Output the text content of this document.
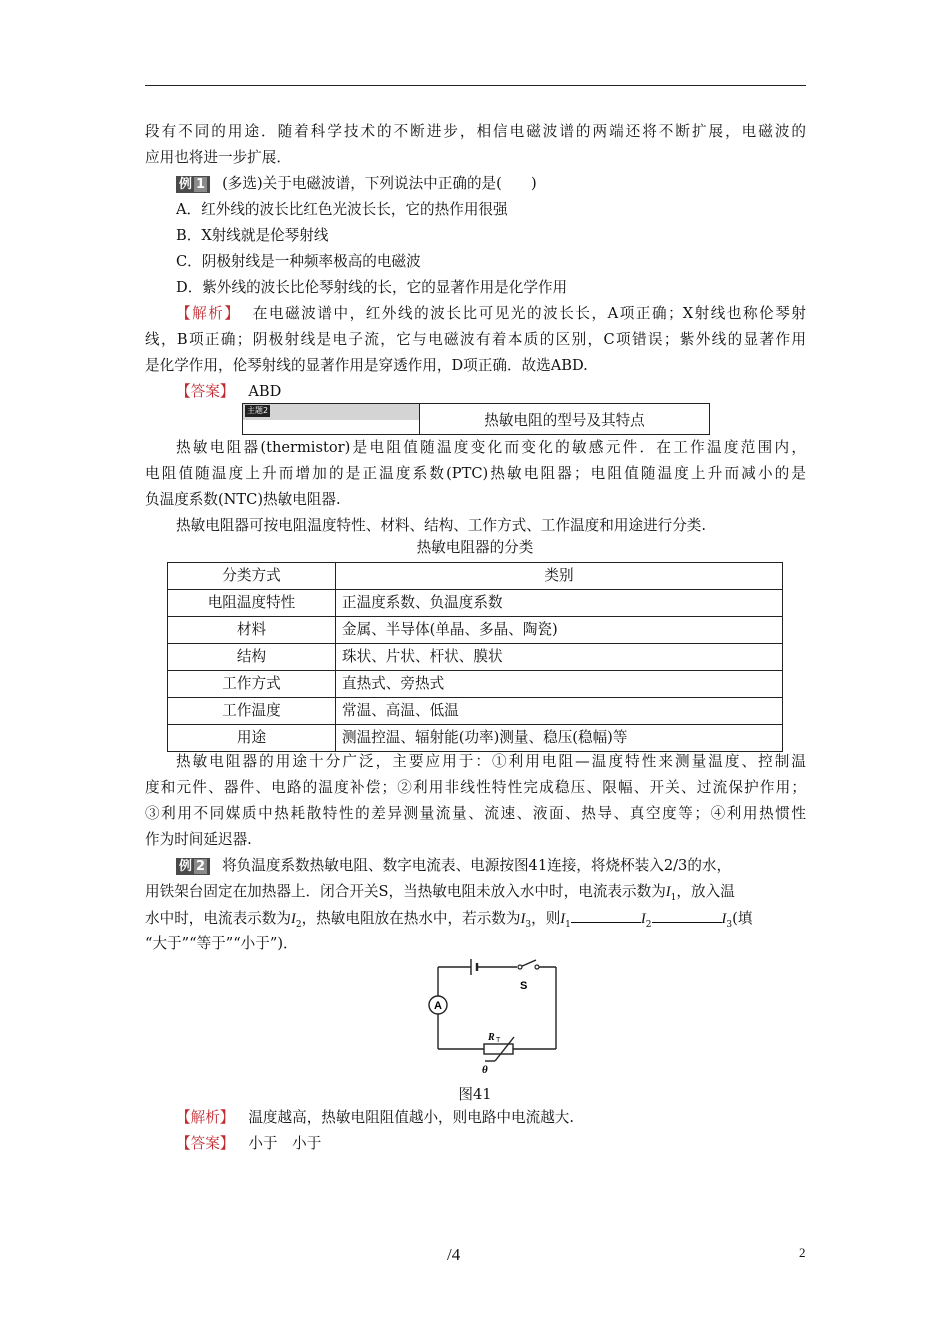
段有不同的用途．随着科学技术的不断进步，相信电磁波谱的两端还将不断扩展，电磁波的
应用也将进一步扩展．
例 1 (多选)关于电磁波谱，下列说法中正确的是(　　)
A．红外线的波长比红色光波长长，它的热作用很强
B．X射线就是伦琴射线
C．阴极射线是一种频率极高的电磁波
D．紫外线的波长比伦琴射线的长，它的显著作用是化学作用
【解析】 在电磁波谱中，红外线的波长比可见光的波长长，A项正确；X射线也称伦琴射
线，B项正确；阴极射线是电子流，它与电磁波有着本质的区别，C项错误；紫外线的显著作用
是化学作用，伦琴射线的显著作用是穿透作用，D项正确．故选ABD.
【答案】 ABD
主题2
热敏电阻的型号及其特点
热敏电阻器(thermistor)是电阻值随温度变化而变化的敏感元件．在工作温度范围内，
电阻值随温度上升而增加的是正温度系数(PTC)热敏电阻器；电阻值随温度上升而减小的是
负温度系数(NTC)热敏电阻器.
热敏电阻器可按电阻温度特性、材料、结构、工作方式、工作温度和用途进行分类.
热敏电阻器的分类
分类方式	类别
电阻温度特性	正温度系数、负温度系数
材料	金属、半导体(单晶、多晶、陶瓷)
结构	珠状、片状、杆状、膜状
工作方式	直热式、旁热式
工作温度	常温、高温、低温
用途	测温控温、辐射能(功率)测量、稳压(稳幅)等
热敏电阻器的用途十分广泛，主要应用于：①利用电阻—温度特性来测量温度、控制温
度和元件、器件、电路的温度补偿；②利用非线性特性完成稳压、限幅、开关、过流保护作用；
③利用不同媒质中热耗散特性的差异测量流量、流速、液面、热导、真空度等；④利用热惯性
作为时间延迟器.
例 2 将负温度系数热敏电阻、数字电流表、电源按图41连接，将烧杯装入2/3的水，
用铁架台固定在加热器上．闭合开关S，当热敏电阻未放入水中时，电流表示数为$I_1$，放入温
水中时，电流表示数为$I_2$，热敏电阻放在热水中，若示数为$I_3$，则$I_1$	$I_2$	$I_3$(填
“大于”“等于”“小于”)．
A
S
R T
θ
图41
【解析】 温度越高，热敏电阻阻值越小，则电路中电流越大.
【答案】 小于　小于
/4	2
